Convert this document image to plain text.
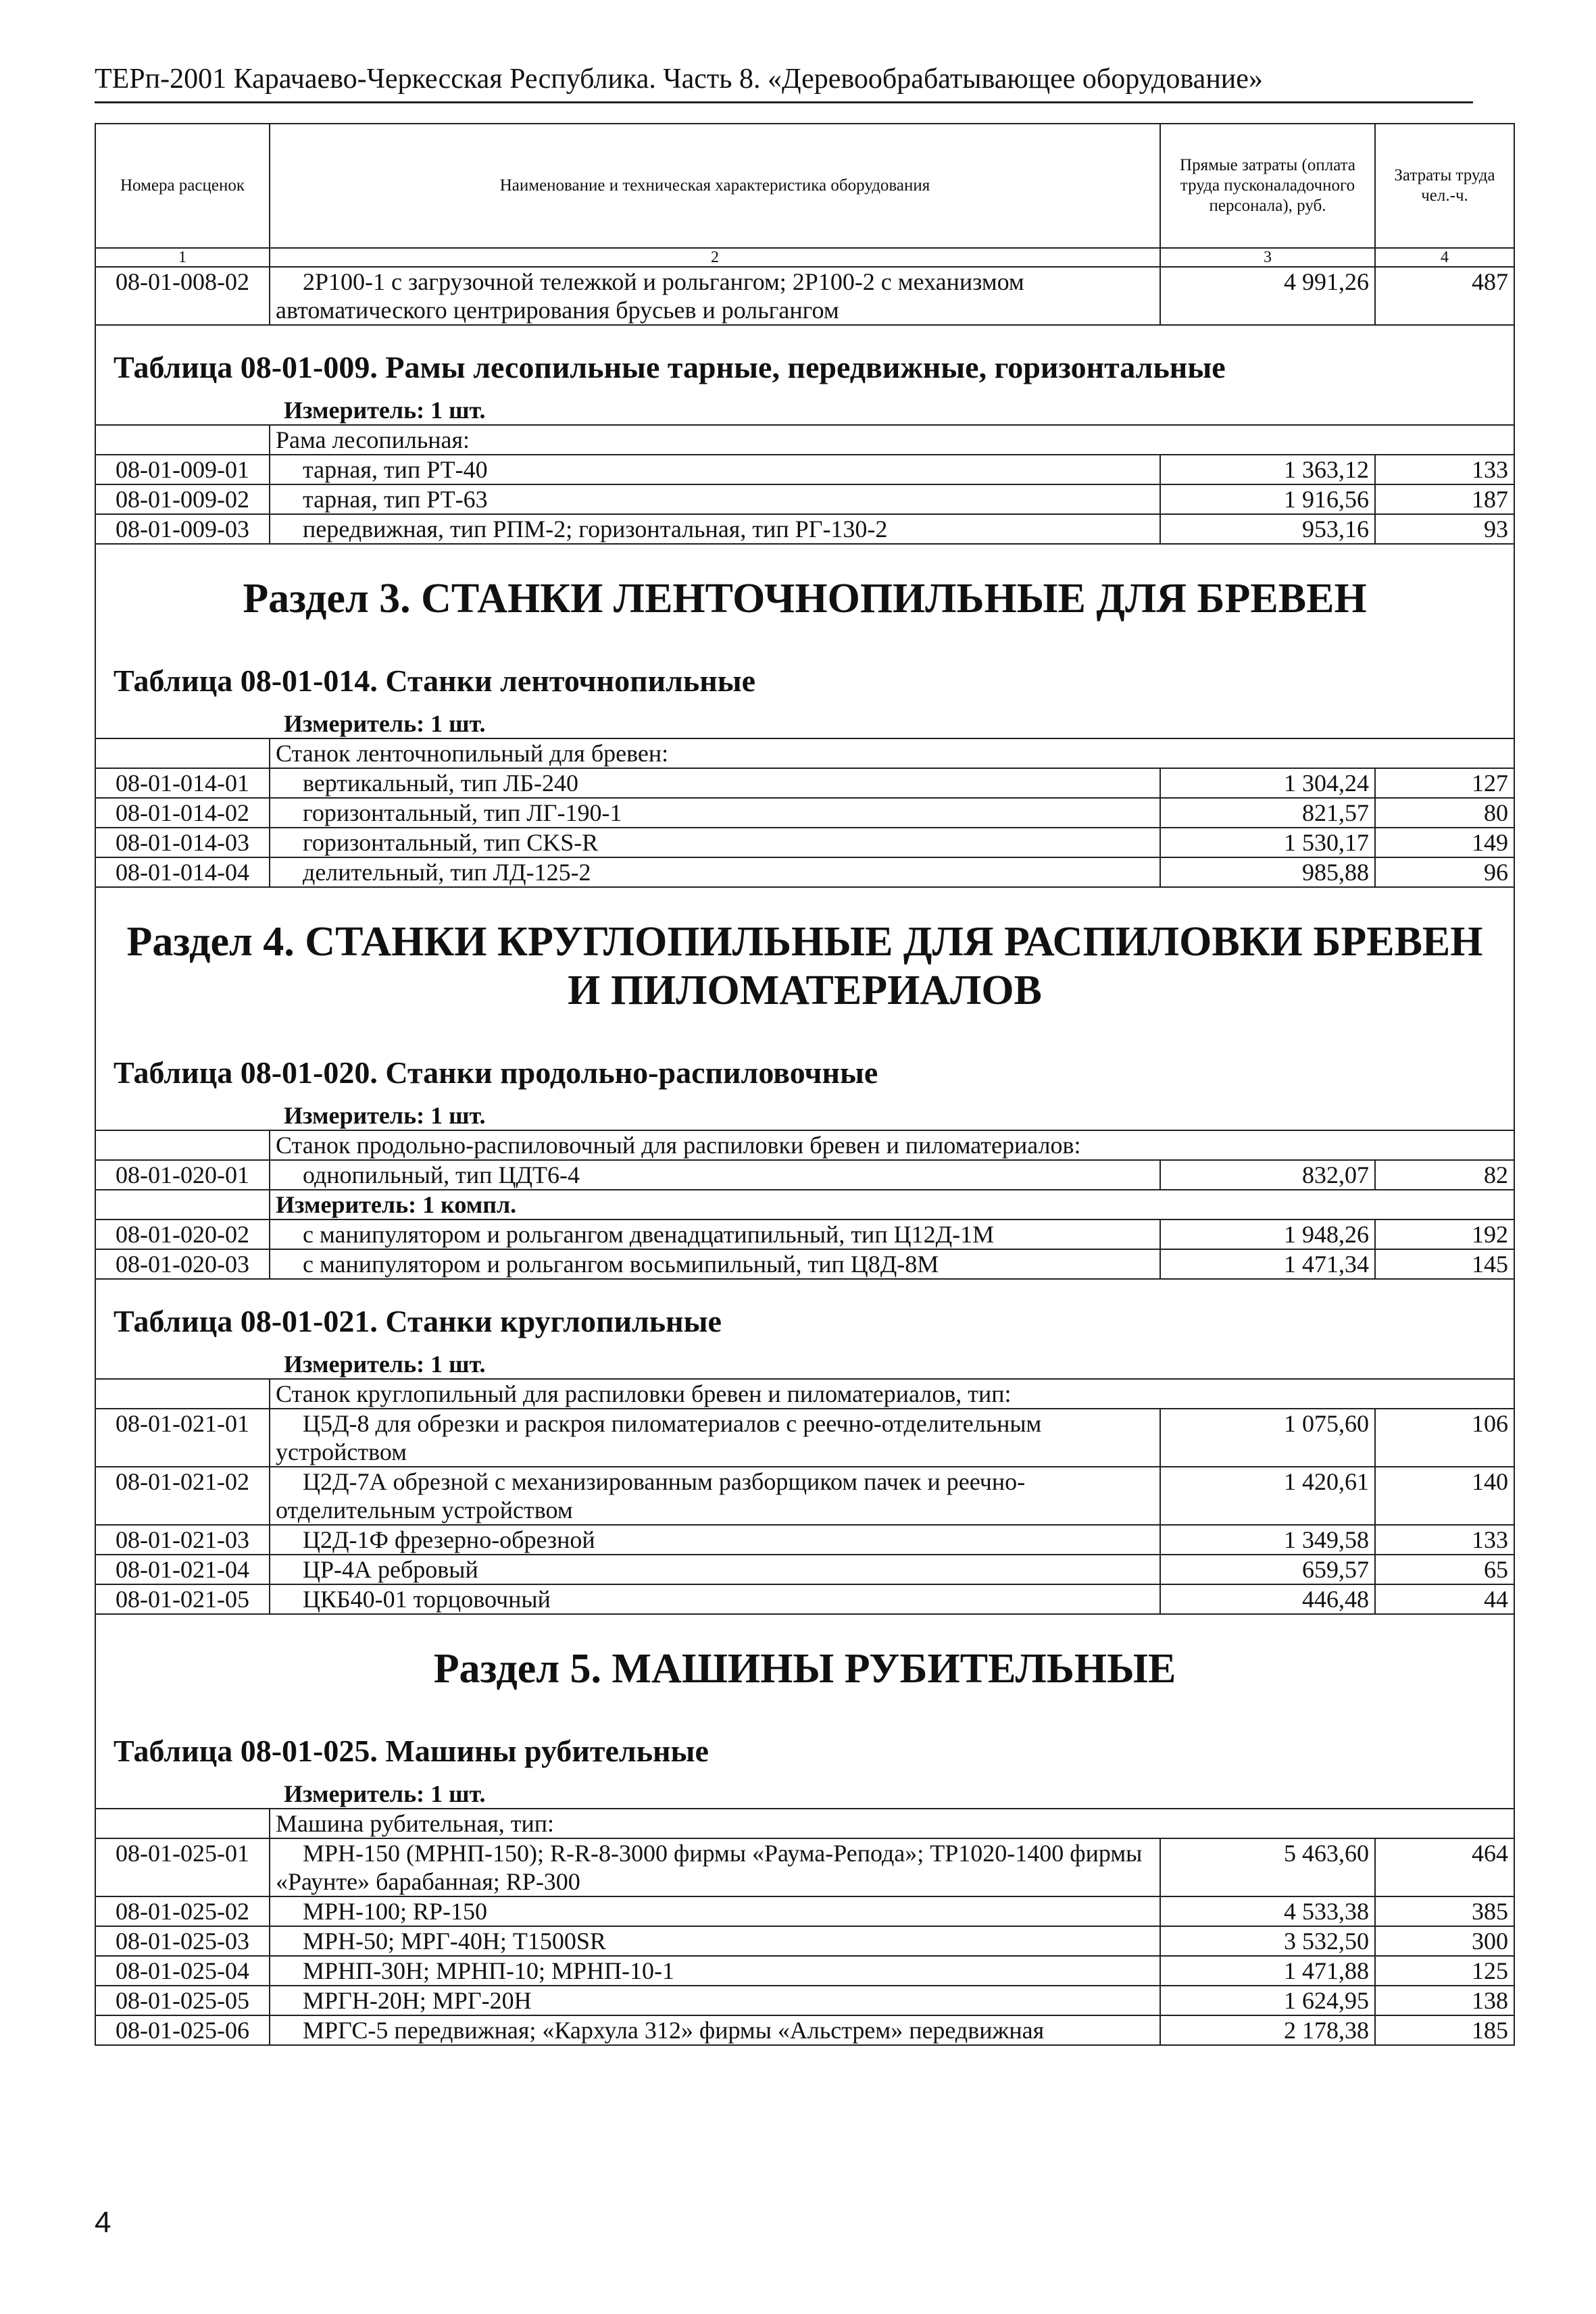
ТЕРп-2001 Карачаево-Черкесская Республика. Часть 8. «Деревообрабатывающее оборудование»
Номера расценок	Наименование и техническая характеристика оборудования	Прямые затраты (оплата труда пусконаладочного персонала), руб.	Затраты труда чел.-ч.
1	2	3	4
08-01-008-02	2Р100-1 с загрузочной тележкой и рольгангом; 2Р100-2 с механизмом автоматического центрирования брусьев и рольгангом	4 991,26	487
Таблица 08-01-009. Рамы лесопильные тарные, передвижные, горизонтальные			
Измеритель: 1 шт.			
	Рама лесопильная:		
08-01-009-01	тарная, тип РТ-40	1 363,12	133
08-01-009-02	тарная, тип РТ-63	1 916,56	187
08-01-009-03	передвижная, тип РПМ-2; горизонтальная, тип РГ-130-2	953,16	93
Раздел 3. СТАНКИ ЛЕНТОЧНОПИЛЬНЫЕ ДЛЯ БРЕВЕН			
Таблица 08-01-014. Станки ленточнопильные			
Измеритель: 1 шт.			
	Станок ленточнопильный для бревен:		
08-01-014-01	вертикальный, тип ЛБ-240	1 304,24	127
08-01-014-02	горизонтальный, тип ЛГ-190-1	821,57	80
08-01-014-03	горизонтальный, тип CKS-R	1 530,17	149
08-01-014-04	делительный, тип ЛД-125-2	985,88	96
Раздел 4. СТАНКИ КРУГЛОПИЛЬНЫЕ ДЛЯ РАСПИЛОВКИ БРЕВЕН И ПИЛОМАТЕРИАЛОВ			
Таблица 08-01-020. Станки продольно-распиловочные			
Измеритель: 1 шт.			
	Станок продольно-распиловочный для распиловки бревен и пиломатериалов:		
08-01-020-01	однопильный, тип ЦДТ6-4	832,07	82
	Измеритель: 1 компл.		
08-01-020-02	с манипулятором и рольгангом двенадцатипильный, тип Ц12Д-1М	1 948,26	192
08-01-020-03	с манипулятором и рольгангом восьмипильный, тип Ц8Д-8М	1 471,34	145
Таблица 08-01-021. Станки круглопильные			
Измеритель: 1 шт.			
	Станок круглопильный для распиловки бревен и пиломатериалов, тип:		
08-01-021-01	Ц5Д-8 для обрезки и раскроя пиломатериалов с реечно-отделительным устройством	1 075,60	106
08-01-021-02	Ц2Д-7А обрезной с механизированным разборщиком пачек и реечно-отделительным устройством	1 420,61	140
08-01-021-03	Ц2Д-1Ф фрезерно-обрезной	1 349,58	133
08-01-021-04	ЦР-4А ребровый	659,57	65
08-01-021-05	ЦКБ40-01 торцовочный	446,48	44
Раздел 5. МАШИНЫ РУБИТЕЛЬНЫЕ			
Таблица 08-01-025. Машины рубительные			
Измеритель: 1 шт.			
	Машина рубительная, тип:		
08-01-025-01	МРН-150 (МРНП-150); R-R-8-3000 фирмы «Раума-Репода»; ТР1020-1400 фирмы «Раунте» барабанная; RP-300	5 463,60	464
08-01-025-02	МРН-100; RP-150	4 533,38	385
08-01-025-03	МРН-50; МРГ-40Н; Т1500SR	3 532,50	300
08-01-025-04	МРНП-30Н; МРНП-10; МРНП-10-1	1 471,88	125
08-01-025-05	МРГН-20Н; МРГ-20Н	1 624,95	138
08-01-025-06	МРГС-5 передвижная; «Кархула 312» фирмы «Альстрем» передвижная	2 178,38	185
4
